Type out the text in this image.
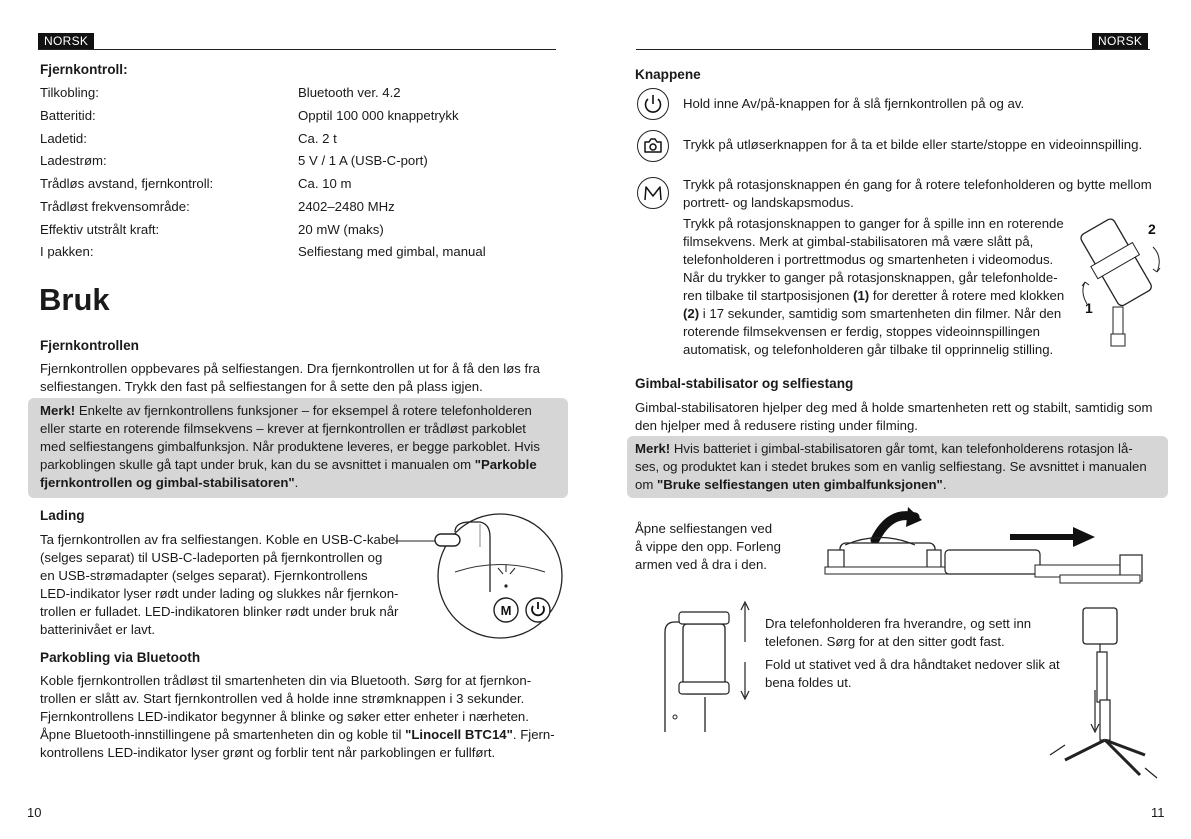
NORSK
Fjernkontroll:
Tilkobling:	Bluetooth ver. 4.2
Batteritid:	Opptil 100 000 knappetrykk
Ladetid:	Ca. 2 t
Ladestrøm:	5 V / 1 A (USB-C-port)
Trådløs avstand, fjernkontroll:	Ca. 10 m
Trådløst frekvensområde:	2402–2480 MHz
Effektiv utstrålt kraft:	20 mW (maks)
I pakken:	Selfiestang med gimbal, manual
Bruk
Fjernkontrollen
Fjernkontrollen oppbevares på selfiestangen. Dra fjernkontrollen ut for å få den løs fra
selfiestangen. Trykk den fast på selfiestangen for å sette den på plass igjen.
Merk! Enkelte av fjernkontrollens funksjoner – for eksempel å rotere telefonholderen
eller starte en roterende filmsekvens – krever at fjernkontrollen er trådløst parkoblet
med selfiestangens gimbalfunksjon. Når produktene leveres, er begge parkoblet. Hvis
parkoblingen skulle gå tapt under bruk, kan du se avsnittet i manualen om "Parkoble
fjernkontrollen og gimbal-stabilisatoren".
Lading
Ta fjernkontrollen av fra selfiestangen. Koble en USB-C-kabel
(selges separat) til USB-C-ladeporten på fjernkontrollen og
en USB-strømadapter (selges separat). Fjernkontrollens
LED-indikator lyser rødt under lading og slukkes når fjernkon-
trollen er fulladet. LED-indikatoren blinker rødt under bruk når
batterinivået er lavt.
M
Parkobling via Bluetooth
Koble fjernkontrollen trådløst til smartenheten din via Bluetooth. Sørg for at fjernkon-
trollen er slått av. Start fjernkontrollen ved å holde inne strømknappen i 3 sekunder.
Fjernkontrollens LED-indikator begynner å blinke og søker etter enheter i nærheten.
Åpne Bluetooth-innstillingene på smartenheten din og koble til "Linocell BTC14". Fjern-
kontrollens LED-indikator lyser grønt og forblir tent når parkoblingen er fullført.
10
NORSK
Knappene
Hold inne Av/på-knappen for å slå fjernkontrollen på og av.
Trykk på utløserknappen for å ta et bilde eller starte/stoppe en videoinnspilling.
Trykk på rotasjonsknappen én gang for å rotere telefonholderen og bytte mellom
portrett- og landskapsmodus.
Trykk på rotasjonsknappen to ganger for å spille inn en roterende
filmsekvens. Merk at gimbal-stabilisatoren må være slått på,
telefonholderen i portrettmodus og smartenheten i videomodus.
Når du trykker to ganger på rotasjonsknappen, går telefonholde-
ren tilbake til startposisjonen (1) for deretter å rotere med klokken
(2) i 17 sekunder, samtidig som smartenheten din filmer. Når den
roterende filmsekvensen er ferdig, stoppes videoinnspillingen
automatisk, og telefonholderen går tilbake til opprinnelig stilling.
2
1
Gimbal-stabilisator og selfiestang
Gimbal-stabilisatoren hjelper deg med å holde smartenheten rett og stabilt, samtidig som
den hjelper med å redusere risting under filming.
Merk! Hvis batteriet i gimbal-stabilisatoren går tomt, kan telefonholderens rotasjon lå-
ses, og produktet kan i stedet brukes som en vanlig selfiestang. Se avsnittet i manualen
om "Bruke selfiestangen uten gimbalfunksjonen".
Åpne selfiestangen ved
å vippe den opp. Forleng
armen ved å dra i den.
Dra telefonholderen fra hverandre, og sett inn
telefonen. Sørg for at den sitter godt fast.
Fold ut stativet ved å dra håndtaket nedover slik at
bena foldes ut.
11
